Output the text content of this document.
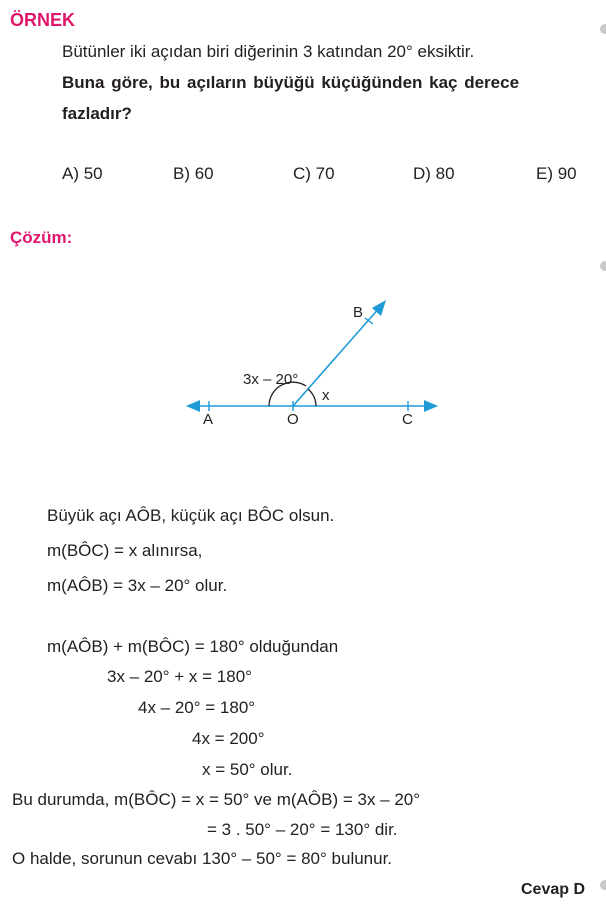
ÖRNEK
Bütünler iki açıdan biri diğerinin 3 katından 20° eksiktir.
Buna göre, bu açıların büyüğü küçüğünden kaç derece
fazladır?
A) 50	B) 60	C) 70	D) 80	E) 90
Çözüm:
B
A	O	C
3x – 20°
x
Büyük açı AÔB, küçük açı BÔC olsun.
m(BÔC) = x alınırsa,
m(AÔB) = 3x – 20° olur.
m(AÔB) + m(BÔC) = 180° olduğundan
3x – 20° + x = 180°
4x – 20° = 180°
4x = 200°
x = 50° olur.
Bu durumda, m(BÔC) = x = 50° ve m(AÔB) = 3x – 20°
= 3 . 50° – 20° = 130° dir.
O halde, sorunun cevabı 130° – 50° = 80° bulunur.
Cevap D
